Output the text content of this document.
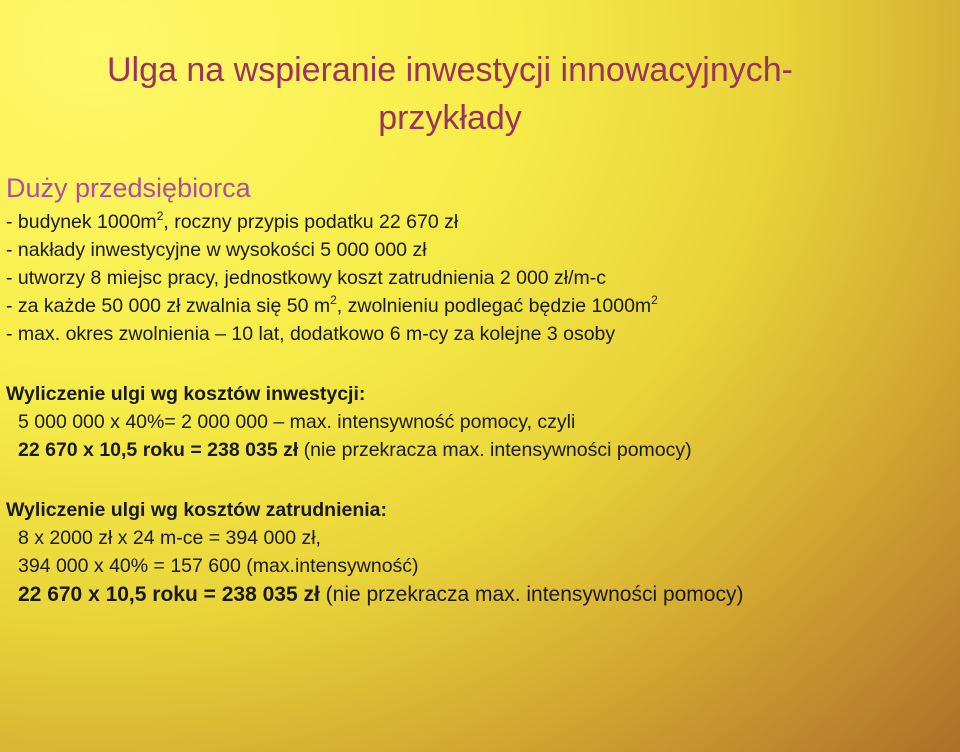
Ulga na wspieranie inwestycji innowacyjnych-
przykłady
Duży przedsiębiorca
- budynek $1000m^2$, roczny przypis podatku 22 670 zł
- nakłady inwestycyjne w wysokości 5 000 000 zł
- utworzy 8 miejsc pracy, jednostkowy koszt zatrudnienia 2 000 zł/m-c
- za każde 50 000 zł zwalnia się 50 $m^2$, zwolnieniu podlegać będzie $1000m^2$
- max. okres zwolnienia – 10 lat, dodatkowo 6 m-cy za kolejne 3 osoby
Wyliczenie ulgi wg kosztów inwestycji:
5 000 000 x 40%= 2 000 000 – max. intensywność pomocy, czyli
22 670 x 10,5 roku = 238 035 zł (nie przekracza max. intensywności pomocy)
Wyliczenie ulgi wg kosztów zatrudnienia:
8 x 2000 zł x 24 m-ce = 394 000 zł,
394 000 x 40% = 157 600 (max.intensywność)
22 670 x 10,5 roku = 238 035 zł (nie przekracza max. intensywności pomocy)
